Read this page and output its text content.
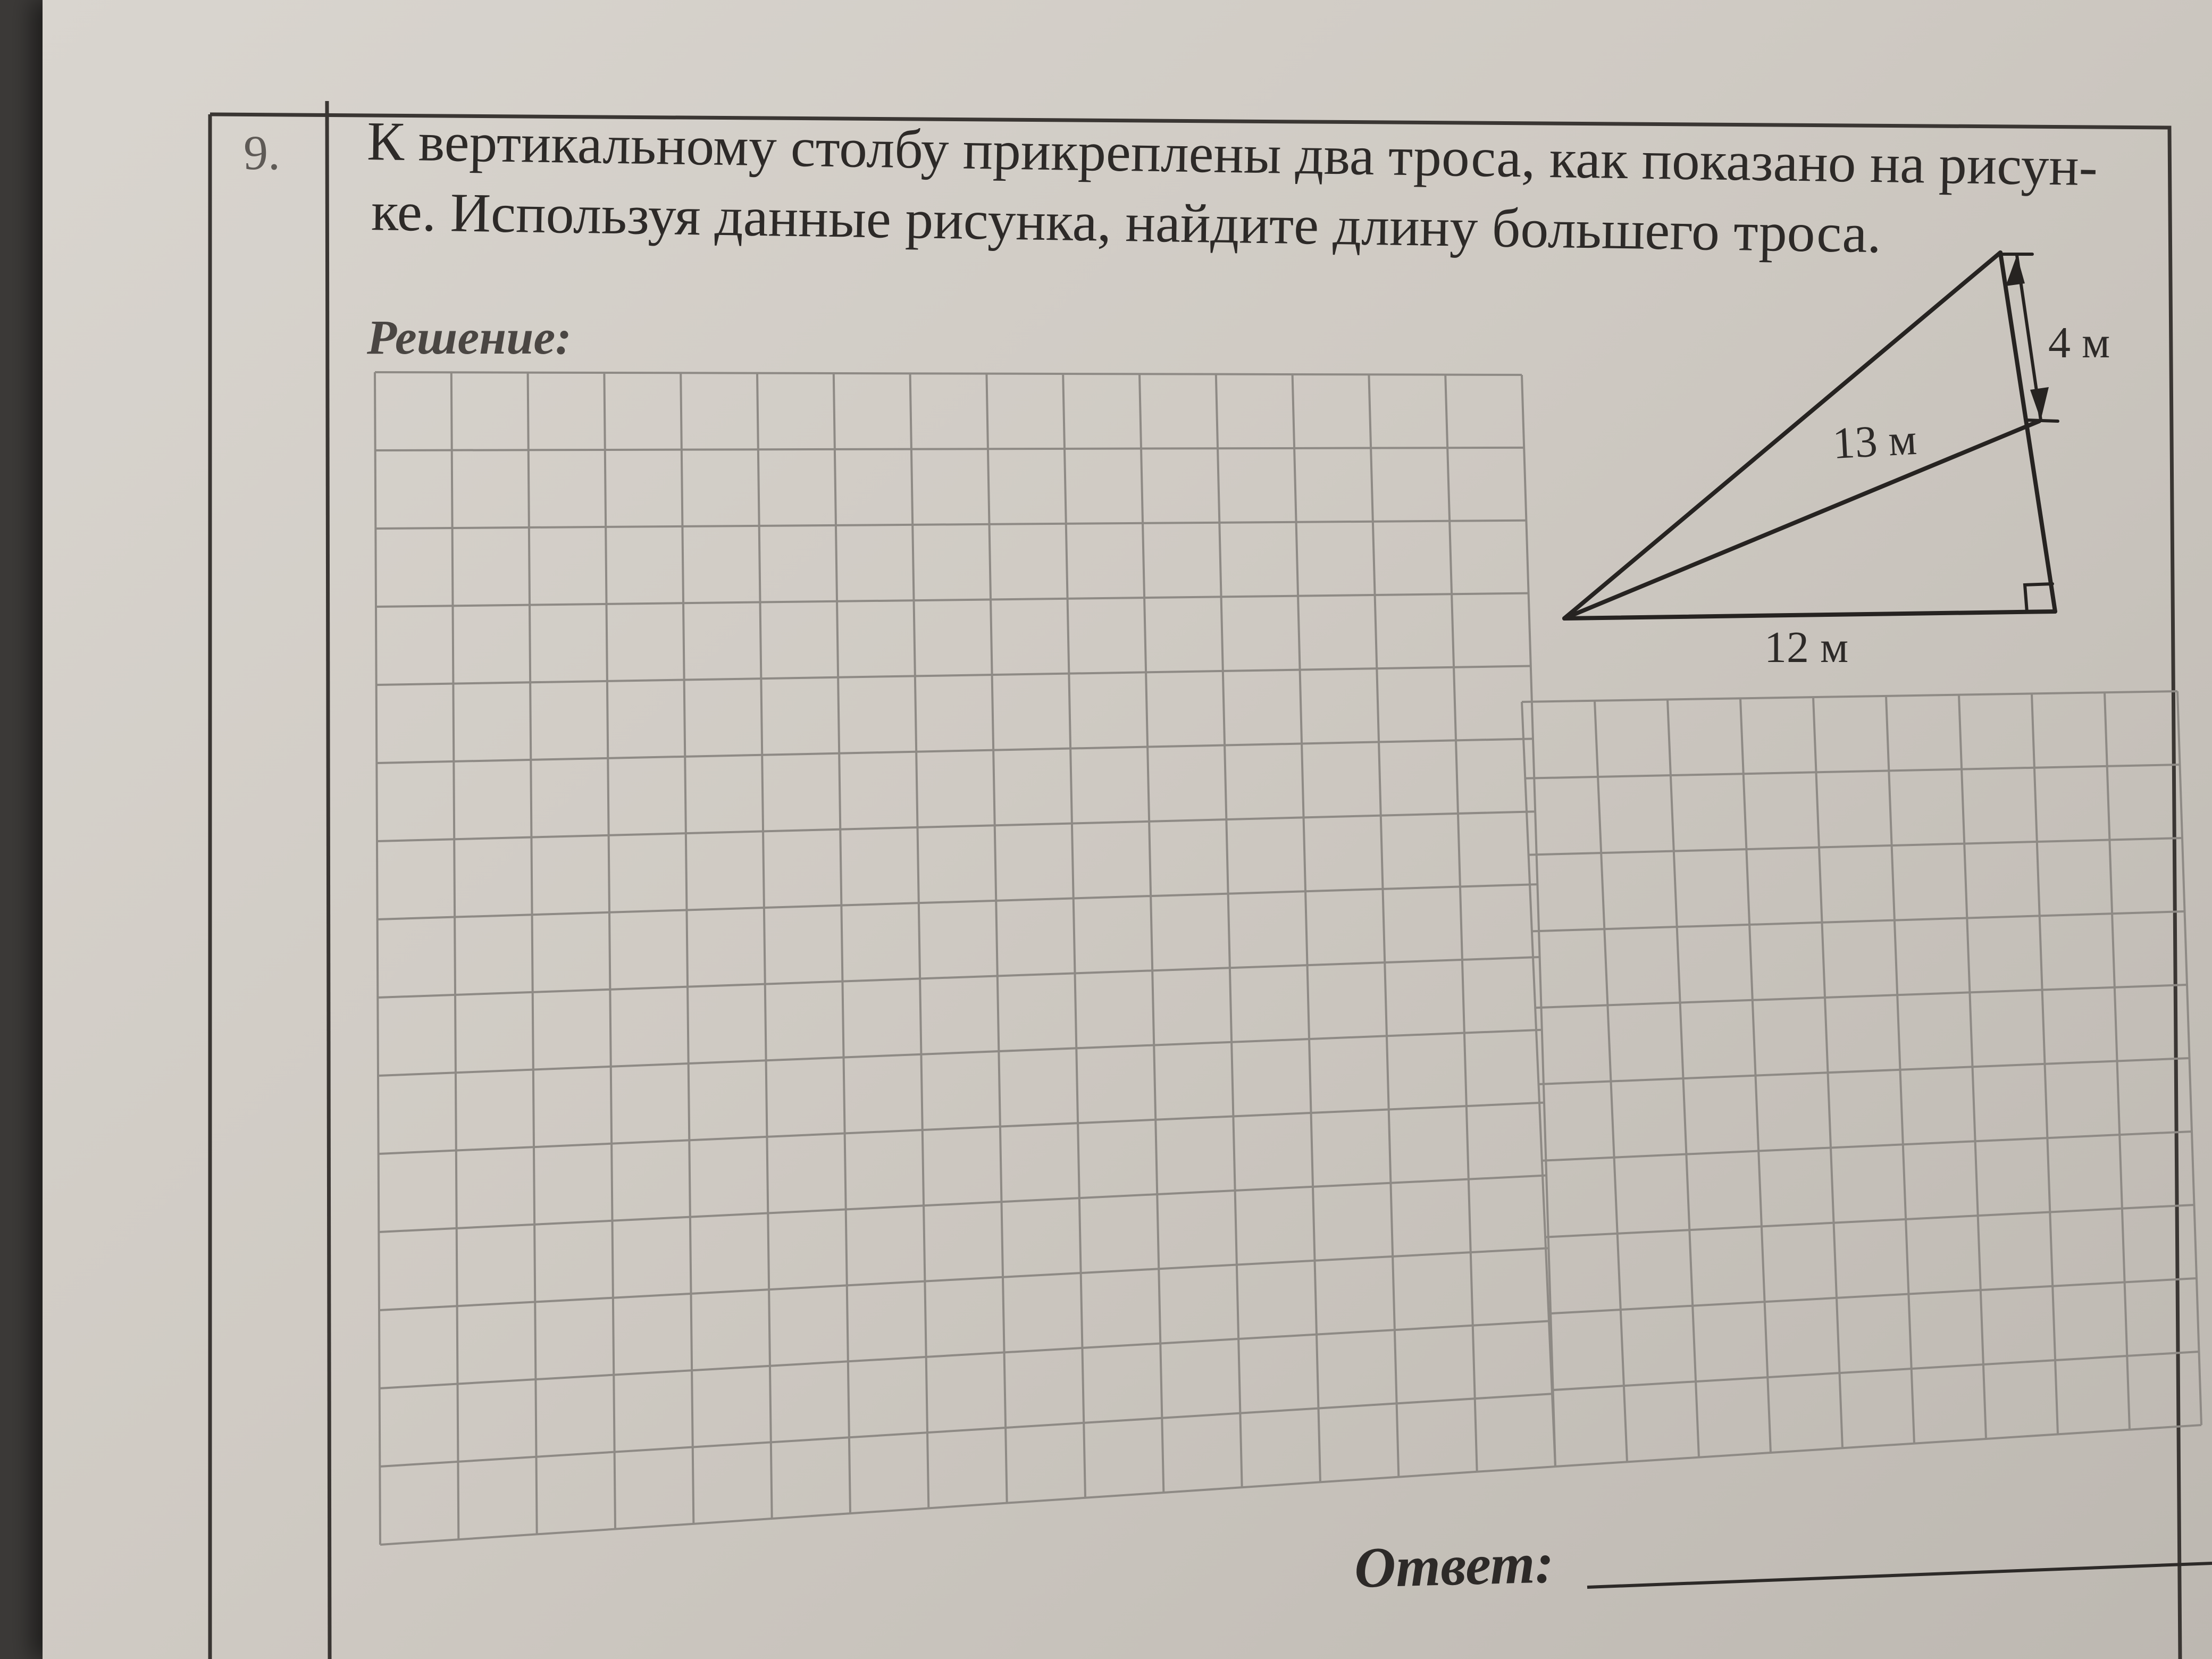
9. К вертикальному столбу прикреплены два троса, как показано на рисун-
ке. Используя данные рисунка, найдите длину большего троса.
Решение:	4 м
13 м
12 м
Ответ:
